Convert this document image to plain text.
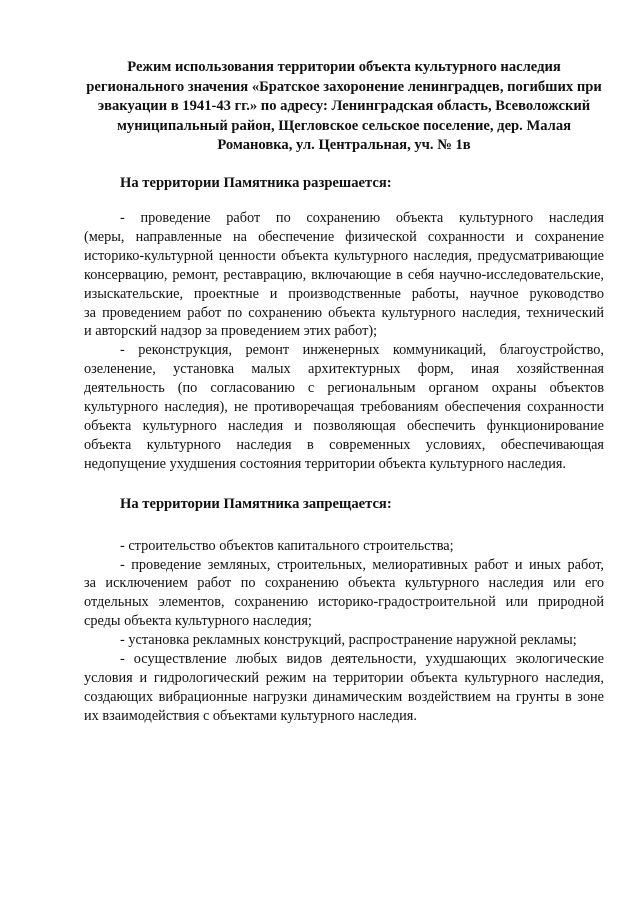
Режим использования территории объекта культурного наследия
регионального значения «Братское захоронение ленинградцев, погибших при
эвакуации в 1941-43 гг.» по адресу: Ленинградская область, Всеволожский
муниципальный район, Щегловское сельское поселение, дер. Малая
Романовка, ул. Центральная, уч. № 1в
На территории Памятника разрешается:

- проведение работ по сохранению объекта культурного наследия
(меры, направленные на обеспечение физической сохранности и сохранение
историко-культурной ценности объекта культурного наследия, предусматривающие
консервацию, ремонт, реставрацию, включающие в себя научно-исследовательские,
изыскательские, проектные и производственные работы, научное руководство
за проведением работ по сохранению объекта культурного наследия, технический
и авторский надзор за проведением этих работ);

- реконструкция, ремонт инженерных коммуникаций, благоустройство,
озеленение, установка малых архитектурных форм, иная хозяйственная
деятельность (по согласованию с региональным органом охраны объектов
культурного наследия), не противоречащая требованиям обеспечения сохранности
объекта культурного наследия и позволяющая обеспечить функционирование
объекта культурного наследия в современных условиях, обеспечивающая
недопущение ухудшения состояния территории объекта культурного наследия.

На территории Памятника запрещается:

- строительство объектов капитального строительства;

- проведение земляных, строительных, мелиоративных работ и иных работ,
за исключением работ по сохранению объекта культурного наследия или его
отдельных элементов, сохранению историко-градостроительной или природной
среды объекта культурного наследия;

- установка рекламных конструкций, распространение наружной рекламы;

- осуществление любых видов деятельности, ухудшающих экологические
условия и гидрологический режим на территории объекта культурного наследия,
создающих вибрационные нагрузки динамическим воздействием на грунты в зоне
их взаимодействия с объектами культурного наследия.
